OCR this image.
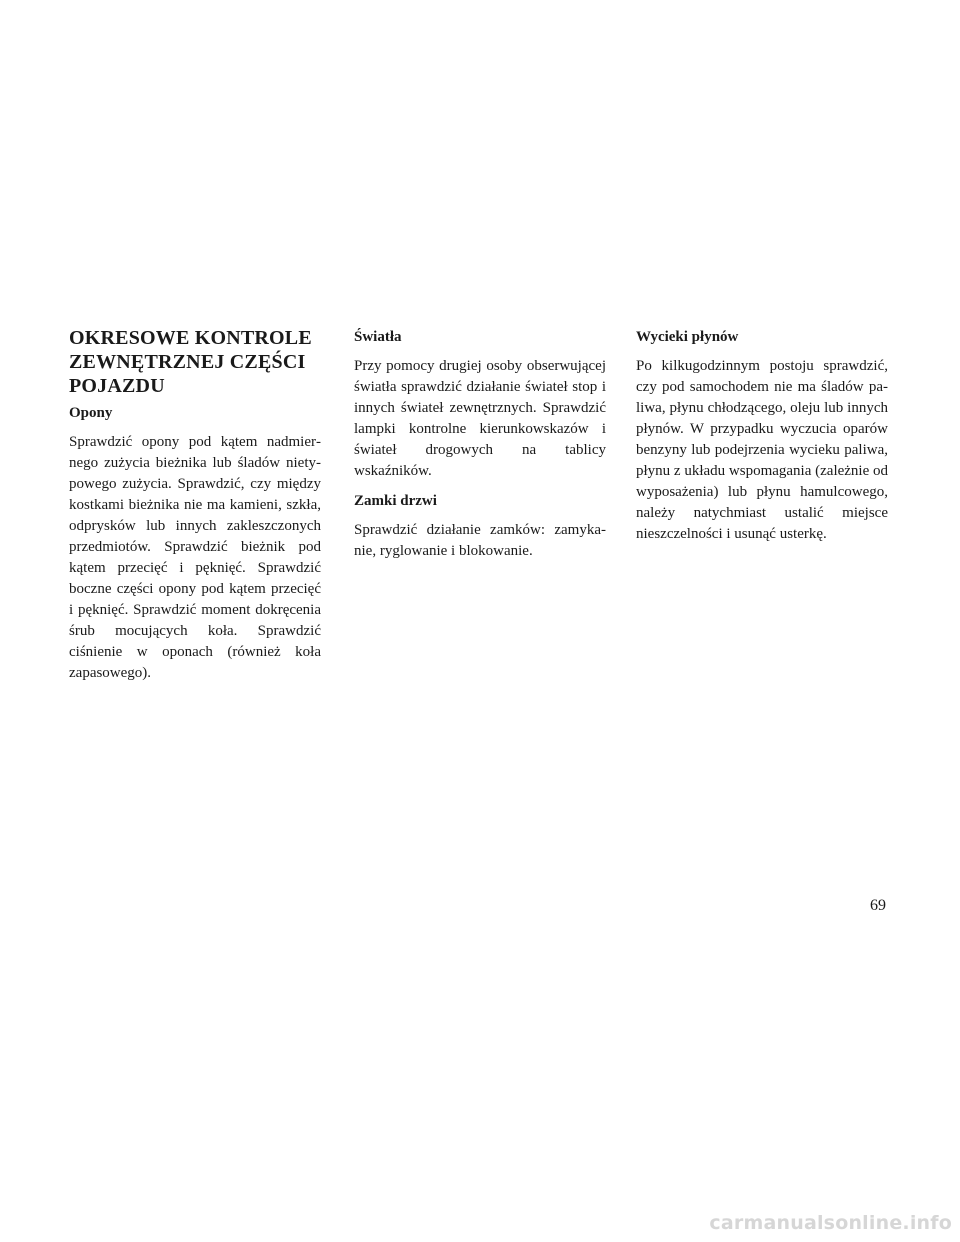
OKRESOWE KONTROLE
ZEWNĘTRZNEJ CZĘŚCI
POJAZDU
Opony

Sprawdzić opony pod kątem nadmiernego zużycia bieżnika lub śladów nietypowego zużycia. Sprawdzić, czy między kostkami bieżnika nie ma kamieni, szkła, odprysków lub innych zakleszczonych przedmiotów. Sprawdzić bieżnik pod kątem przecięć i pęknięć. Sprawdzić boczne części opony pod kątem przecięć i pęknięć. Sprawdzić moment dokręcenia śrub mocujących koła. Sprawdzić ciśnienie w oponach (również koła zapasowego).

Światła

Przy pomocy drugiej osoby obserwującej światła sprawdzić działanie świateł stop i innych świateł zewnętrznych. Sprawdzić lampki kontrolne kierunkowskazów i świateł drogowych na tablicy wskaźników.

Zamki drzwi

Sprawdzić działanie zamków: zamykanie, ryglowanie i blokowanie.

Wycieki płynów

Po kilkugodzinnym postoju sprawdzić, czy pod samochodem nie ma śladów paliwa, płynu chłodzącego, oleju lub innych płynów. W przypadku wyczucia oparów benzyny lub podejrzenia wycieku paliwa, płynu z układu wspomagania (zależnie od wyposażenia) lub płynu hamulcowego, należy natychmiast ustalić miejsce nieszczelności i usunąć usterkę.

69
carmanualsonline.info
